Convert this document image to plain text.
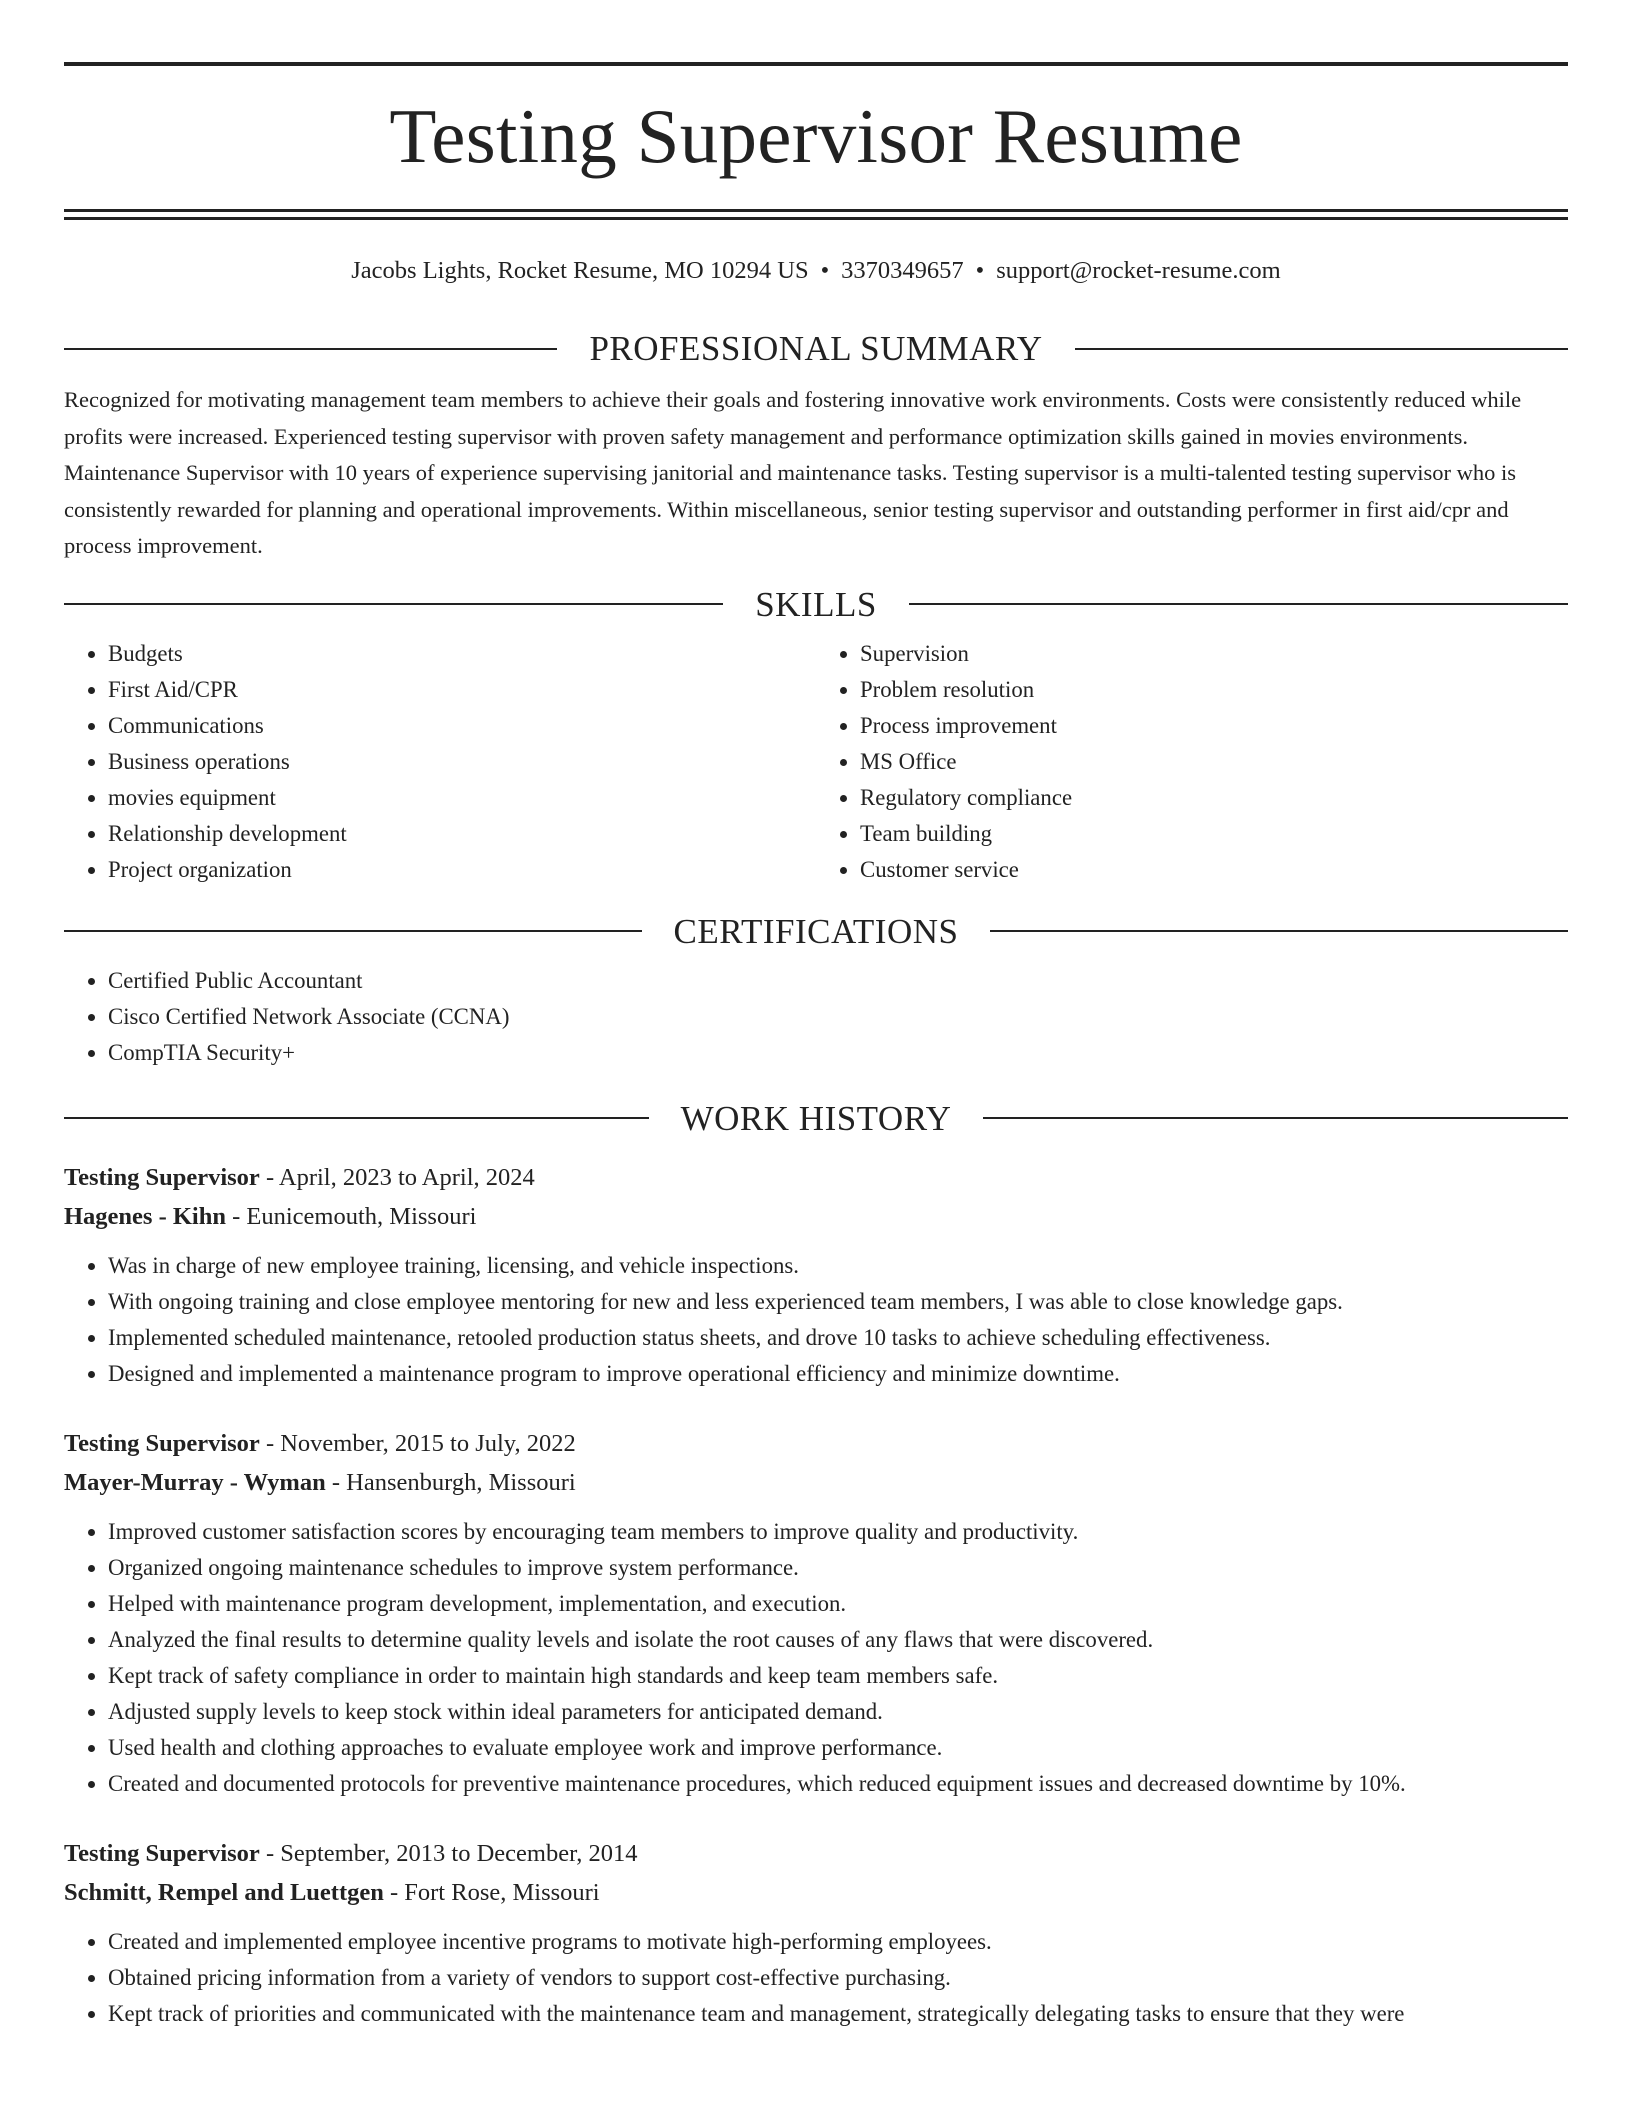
Testing Supervisor Resume
Jacobs Lights, Rocket Resume, MO 10294 US • 3370349657 • support@rocket-resume.com
PROFESSIONAL SUMMARY

Recognized for motivating management team members to achieve their goals and fostering innovative work environments. Costs were consistently reduced while profits were increased. Experienced testing supervisor with proven safety management and performance optimization skills gained in movies environments. Maintenance Supervisor with 10 years of experience supervising janitorial and maintenance tasks. Testing supervisor is a multi-talented testing supervisor who is consistently rewarded for planning and operational improvements. Within miscellaneous, senior testing supervisor and outstanding performer in first aid/cpr and process improvement.

SKILLS
• Budgets
• First Aid/CPR
• Communications
• Business operations
• movies equipment
• Relationship development
• Project organization
• Supervision
• Problem resolution
• Process improvement
• MS Office
• Regulatory compliance
• Team building
• Customer service
CERTIFICATIONS
• Certified Public Accountant
• Cisco Certified Network Associate (CCNA)
• CompTIA Security+
WORK HISTORY
Testing Supervisor - April, 2023 to April, 2024
Hagenes - Kihn - Eunicemouth, Missouri
• Was in charge of new employee training, licensing, and vehicle inspections.
• With ongoing training and close employee mentoring for new and less experienced team members, I was able to close knowledge gaps.
• Implemented scheduled maintenance, retooled production status sheets, and drove 10 tasks to achieve scheduling effectiveness.
• Designed and implemented a maintenance program to improve operational efficiency and minimize downtime.
Testing Supervisor - November, 2015 to July, 2022
Mayer-Murray - Wyman - Hansenburgh, Missouri
• Improved customer satisfaction scores by encouraging team members to improve quality and productivity.
• Organized ongoing maintenance schedules to improve system performance.
• Helped with maintenance program development, implementation, and execution.
• Analyzed the final results to determine quality levels and isolate the root causes of any flaws that were discovered.
• Kept track of safety compliance in order to maintain high standards and keep team members safe.
• Adjusted supply levels to keep stock within ideal parameters for anticipated demand.
• Used health and clothing approaches to evaluate employee work and improve performance.
• Created and documented protocols for preventive maintenance procedures, which reduced equipment issues and decreased downtime by 10%.
Testing Supervisor - September, 2013 to December, 2014
Schmitt, Rempel and Luettgen - Fort Rose, Missouri
• Created and implemented employee incentive programs to motivate high-performing employees.
• Obtained pricing information from a variety of vendors to support cost-effective purchasing.
• Kept track of priorities and communicated with the maintenance team and management, strategically delegating tasks to ensure that they were
